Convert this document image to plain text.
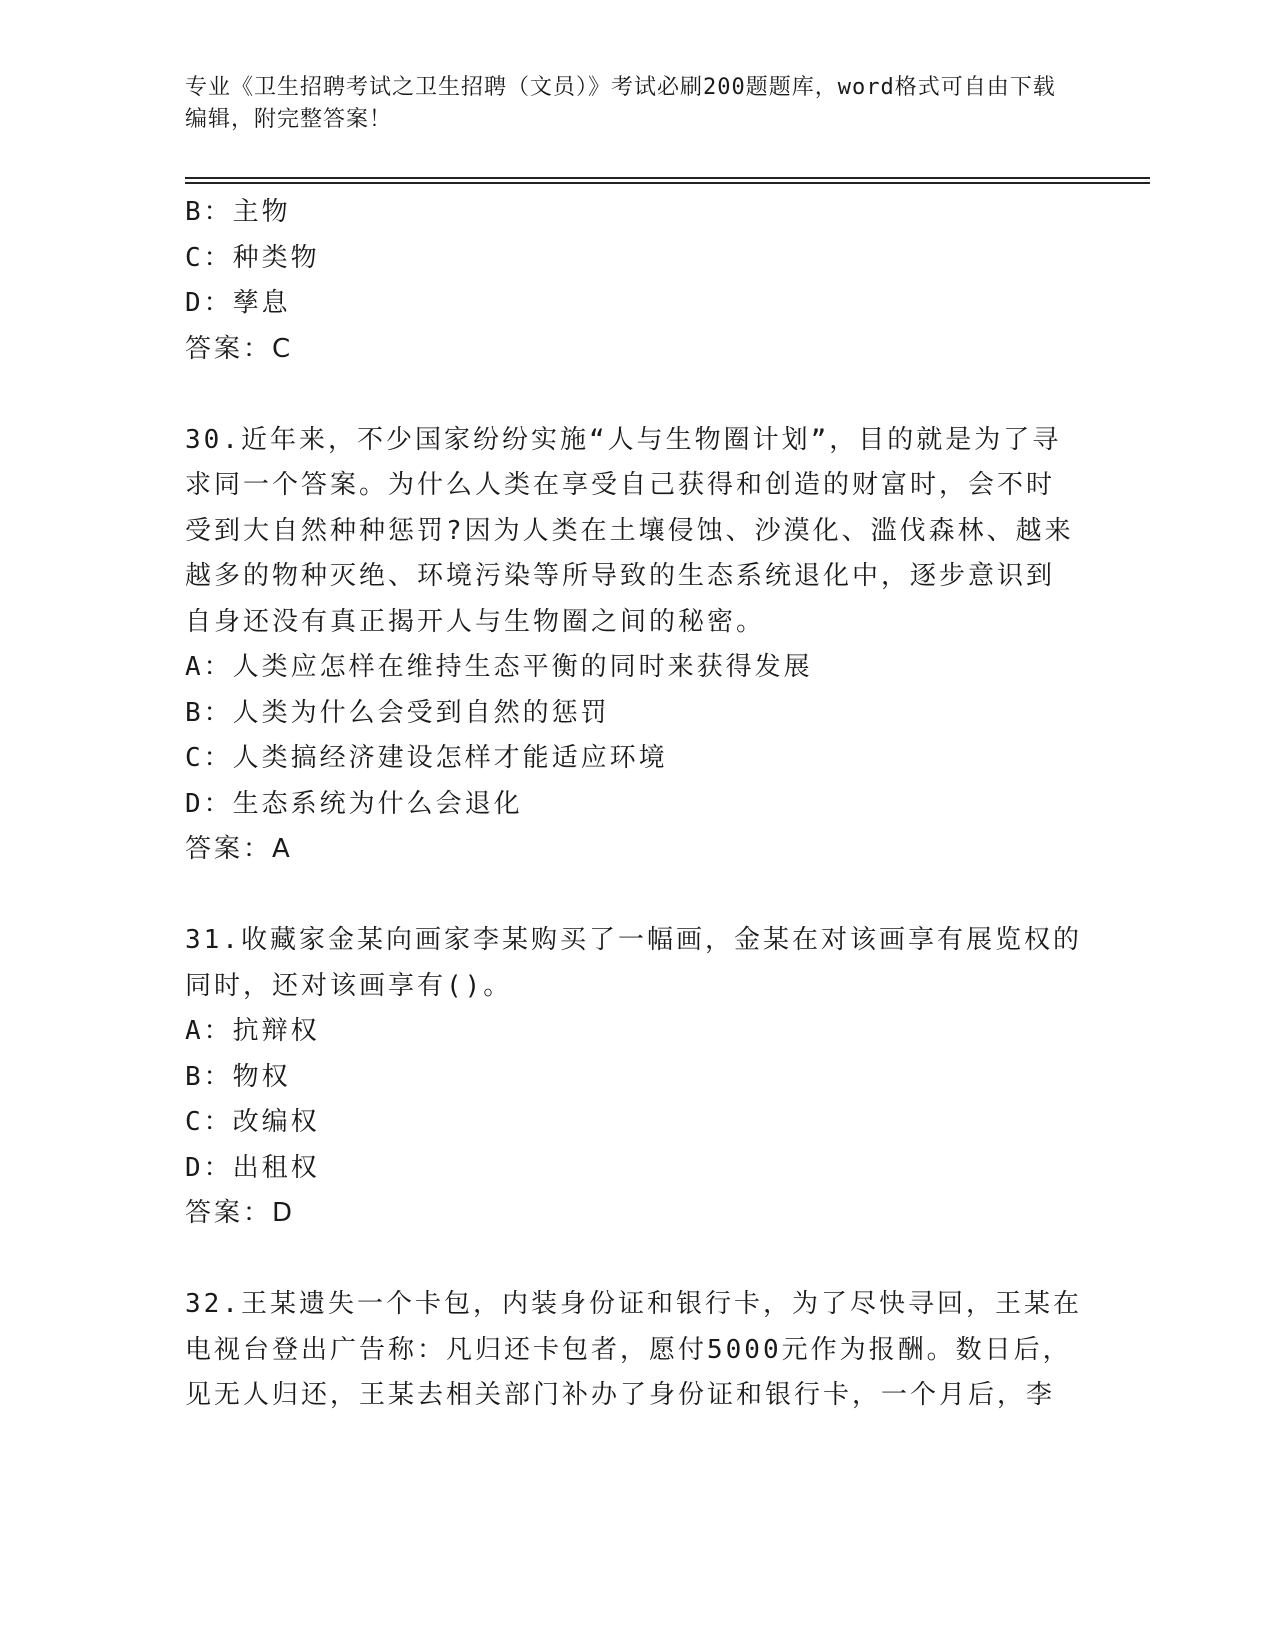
专业《卫生招聘考试之卫生招聘（文员）》考试必刷200题题库，word格式可自由下载编辑，附完整答案！
B：主物
C：种类物
D：孳息
答案：C
30.近年来，不少国家纷纷实施“人与生物圈计划”，目的就是为了寻
求同一个答案。为什么人类在享受自己获得和创造的财富时，会不时
受到大自然种种惩罚?因为人类在土壤侵蚀、沙漠化、滥伐森林、越来
越多的物种灭绝、环境污染等所导致的生态系统退化中，逐步意识到
自身还没有真正揭开人与生物圈之间的秘密。
A：人类应怎样在维持生态平衡的同时来获得发展
B：人类为什么会受到自然的惩罚
C：人类搞经济建设怎样才能适应环境
D：生态系统为什么会退化
答案：A
31.收藏家金某向画家李某购买了一幅画，金某在对该画享有展览权的
同时，还对该画享有()。
A：抗辩权
B：物权
C：改编权
D：出租权
答案：D
32.王某遗失一个卡包，内装身份证和银行卡，为了尽快寻回，王某在
电视台登出广告称：凡归还卡包者，愿付5000元作为报酬。数日后，
见无人归还，王某去相关部门补办了身份证和银行卡，一个月后，李
